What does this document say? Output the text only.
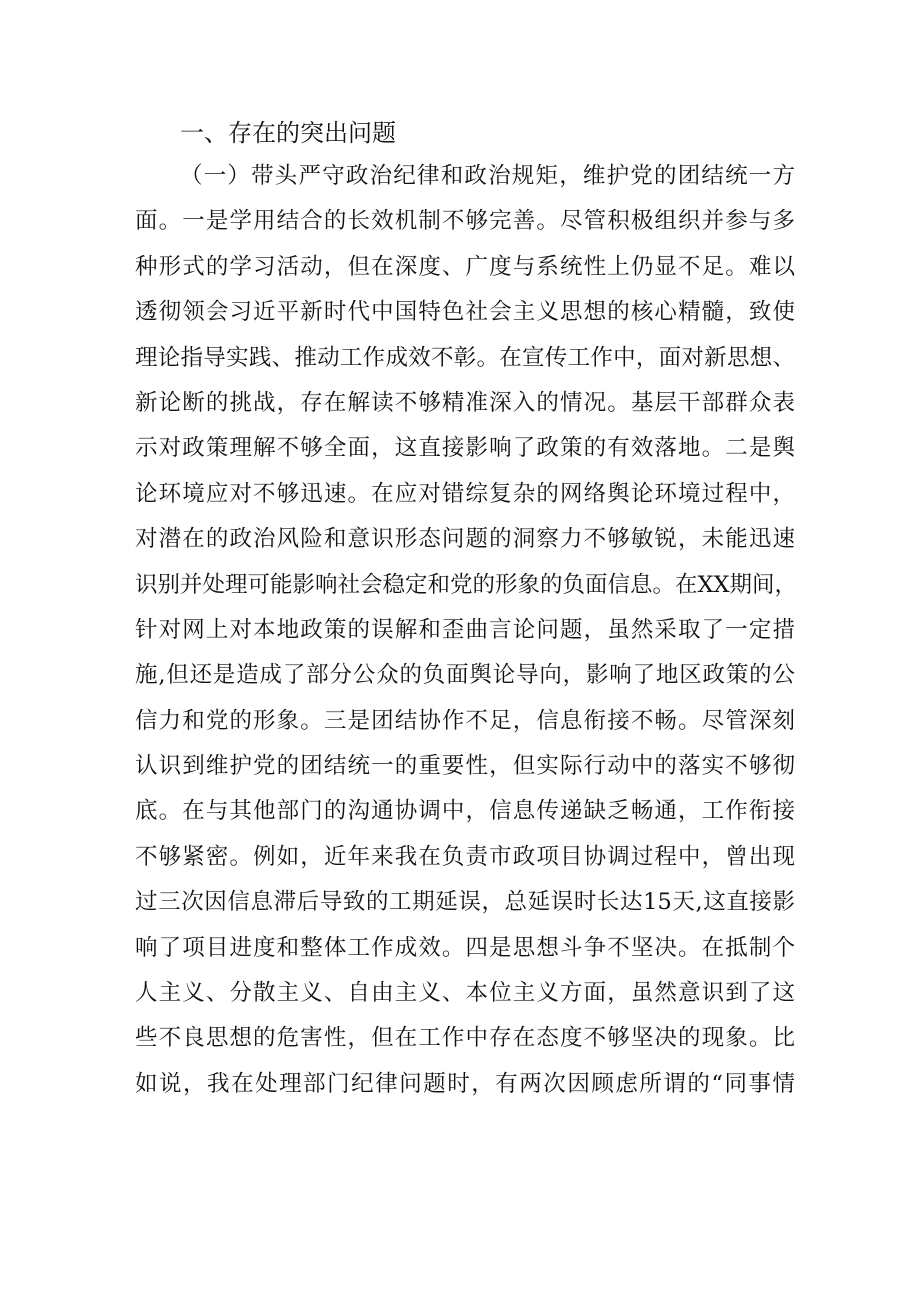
一、存在的突出问题
（一）带头严守政治纪律和政治规矩，维护党的团结统一方
面。一是学用结合的长效机制不够完善。尽管积极组织并参与多
种形式的学习活动，但在深度、广度与系统性上仍显不足。难以
透彻领会习近平新时代中国特色社会主义思想的核心精髓，致使
理论指导实践、推动工作成效不彰。在宣传工作中，面对新思想、
新论断的挑战，存在解读不够精准深入的情况。基层干部群众表
示对政策理解不够全面，这直接影响了政策的有效落地。二是舆
论环境应对不够迅速。在应对错综复杂的网络舆论环境过程中，
对潜在的政治风险和意识形态问题的洞察力不够敏锐，未能迅速
识别并处理可能影响社会稳定和党的形象的负面信息。在XX期间，
针对网上对本地政策的误解和歪曲言论问题，虽然采取了一定措
施,但还是造成了部分公众的负面舆论导向，影响了地区政策的公
信力和党的形象。三是团结协作不足，信息衔接不畅。尽管深刻
认识到维护党的团结统一的重要性，但实际行动中的落实不够彻
底。在与其他部门的沟通协调中，信息传递缺乏畅通，工作衔接
不够紧密。例如，近年来我在负责市政项目协调过程中，曾出现
过三次因信息滞后导致的工期延误，总延误时长达15天,这直接影
响了项目进度和整体工作成效。四是思想斗争不坚决。在抵制个
人主义、分散主义、自由主义、本位主义方面，虽然意识到了这
些不良思想的危害性，但在工作中存在态度不够坚决的现象。比
如说，我在处理部门纪律问题时，有两次因顾虑所谓的“同事情
